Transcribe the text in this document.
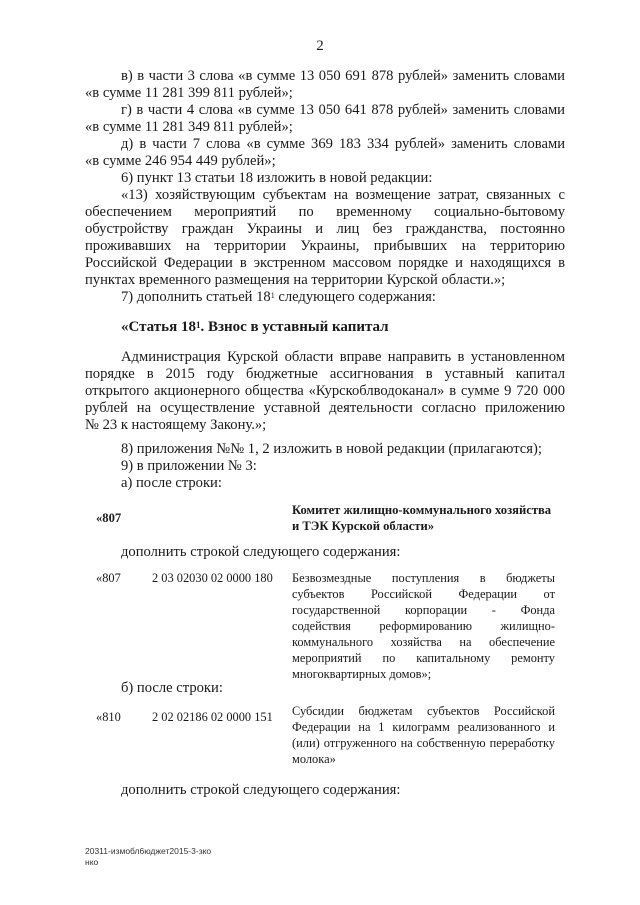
2
в) в части 3 слова «в сумме 13 050 691 878 рублей» заменить словами
«в сумме 11 281 399 811 рублей»;
г) в части 4 слова «в сумме 13 050 641 878 рублей» заменить словами
«в сумме 11 281 349 811 рублей»;
д) в части 7 слова «в сумме 369 183 334 рублей» заменить словами
«в сумме 246 954 449 рублей»;
6) пункт 13 статьи 18 изложить в новой редакции:
«13) хозяйствующим субъектам на возмещение затрат, связанных с
обеспечением мероприятий по временному социально-бытовому
обустройству граждан Украины и лиц без гражданства, постоянно
проживавших на территории Украины, прибывших на территорию
Российской Федерации в экстренном массовом порядке и находящихся в
пунктах временного размещения на территории Курской области.»;
7) дополнить статьей $18^1$ следующего содержания:
«Статья $18^1$. Взнос в уставный капитал
Администрация Курской области вправе направить в установленном
порядке в 2015 году бюджетные ассигнования в уставный капитал
открытого акционерного общества «Курскоблводоканал» в сумме 9 720 000
рублей на осуществление уставной деятельности согласно приложению
№ 23 к настоящему Закону.»;
8) приложения №№ 1, 2 изложить в новой редакции (прилагаются);
9) в приложении № 3:
а) после строки:
«807
Комитет жилищно-коммунального хозяйства
и ТЭК Курской области»
дополнить строкой следующего содержания:
«807	2 03 02030 02 0000 180 Безвозмездные поступления в бюджеты
субъектов Российской Федерации от
государственной корпорации - Фонда
содействия реформированию жилищно-
коммунального хозяйства на обеспечение
мероприятий по капитальному ремонту
многоквартирных домов»;
б) после строки:
«810	2 02 02186 02 0000 151 Субсидии бюджетам субъектов Российской
Федерации на 1 килограмм реализованного и
(или) отгруженного на собственную переработку
молока»
дополнить строкой следующего содержания:
20311-измобл6юджет2015-3-зко
нко
